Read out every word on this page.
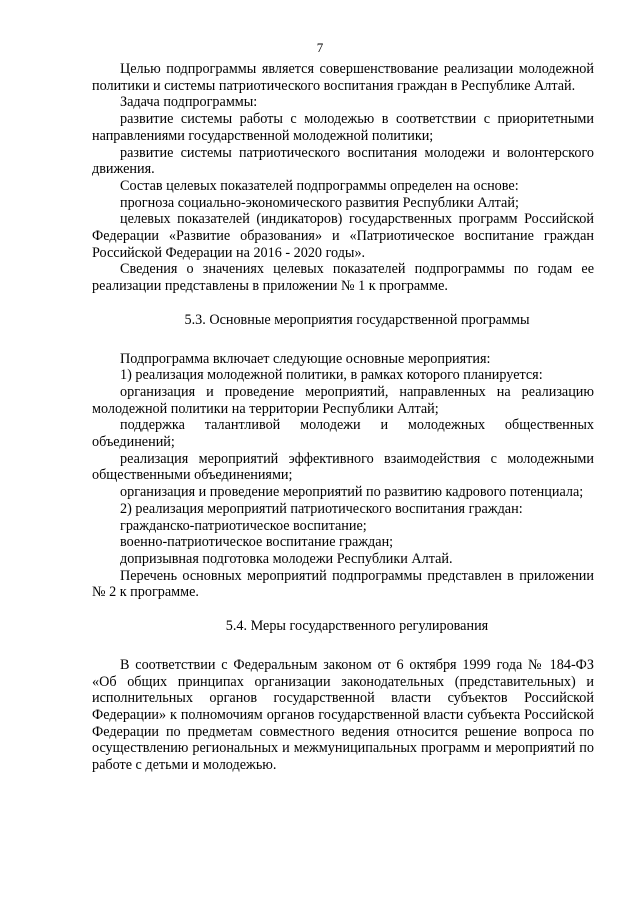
7

Целью подпрограммы является совершенствование реализации молодежной политики и системы патриотического воспитания граждан в Республике Алтай.

Задача подпрограммы:

развитие системы работы с молодежью в соответствии с приоритетными направлениями государственной молодежной политики;

развитие системы патриотического воспитания молодежи и волонтерского движения.

Состав целевых показателей подпрограммы определен на основе:

прогноза социально-экономического развития Республики Алтай;

целевых показателей (индикаторов) государственных программ Российской Федерации «Развитие образования» и «Патриотическое воспитание граждан Российской Федерации на 2016 - 2020 годы».

Сведения о значениях целевых показателей подпрограммы по годам ее реализации представлены в приложении № 1 к программе.

5.3. Основные мероприятия государственной программы

Подпрограмма включает следующие основные мероприятия:

1) реализация молодежной политики, в рамках которого планируется:

организация и проведение мероприятий, направленных на реализацию молодежной политики на территории Республики Алтай;

поддержка талантливой молодежи и молодежных общественных объединений;

реализация мероприятий эффективного взаимодействия с молодежными общественными объединениями;

организация и проведение мероприятий по развитию кадрового потенциала;

2) реализация мероприятий патриотического воспитания граждан:

гражданско-патриотическое воспитание;

военно-патриотическое воспитание граждан;

допризывная подготовка молодежи Республики Алтай.

Перечень основных мероприятий подпрограммы представлен в приложении № 2 к программе.

5.4. Меры государственного регулирования

В соответствии с Федеральным законом от 6 октября 1999 года № 184-ФЗ «Об общих принципах организации законодательных (представительных) и исполнительных органов государственной власти субъектов Российской Федерации» к полномочиям органов государственной власти субъекта Российской Федерации по предметам совместного ведения относится решение вопроса по осуществлению региональных и межмуниципальных программ и мероприятий по работе с детьми и молодежью.
